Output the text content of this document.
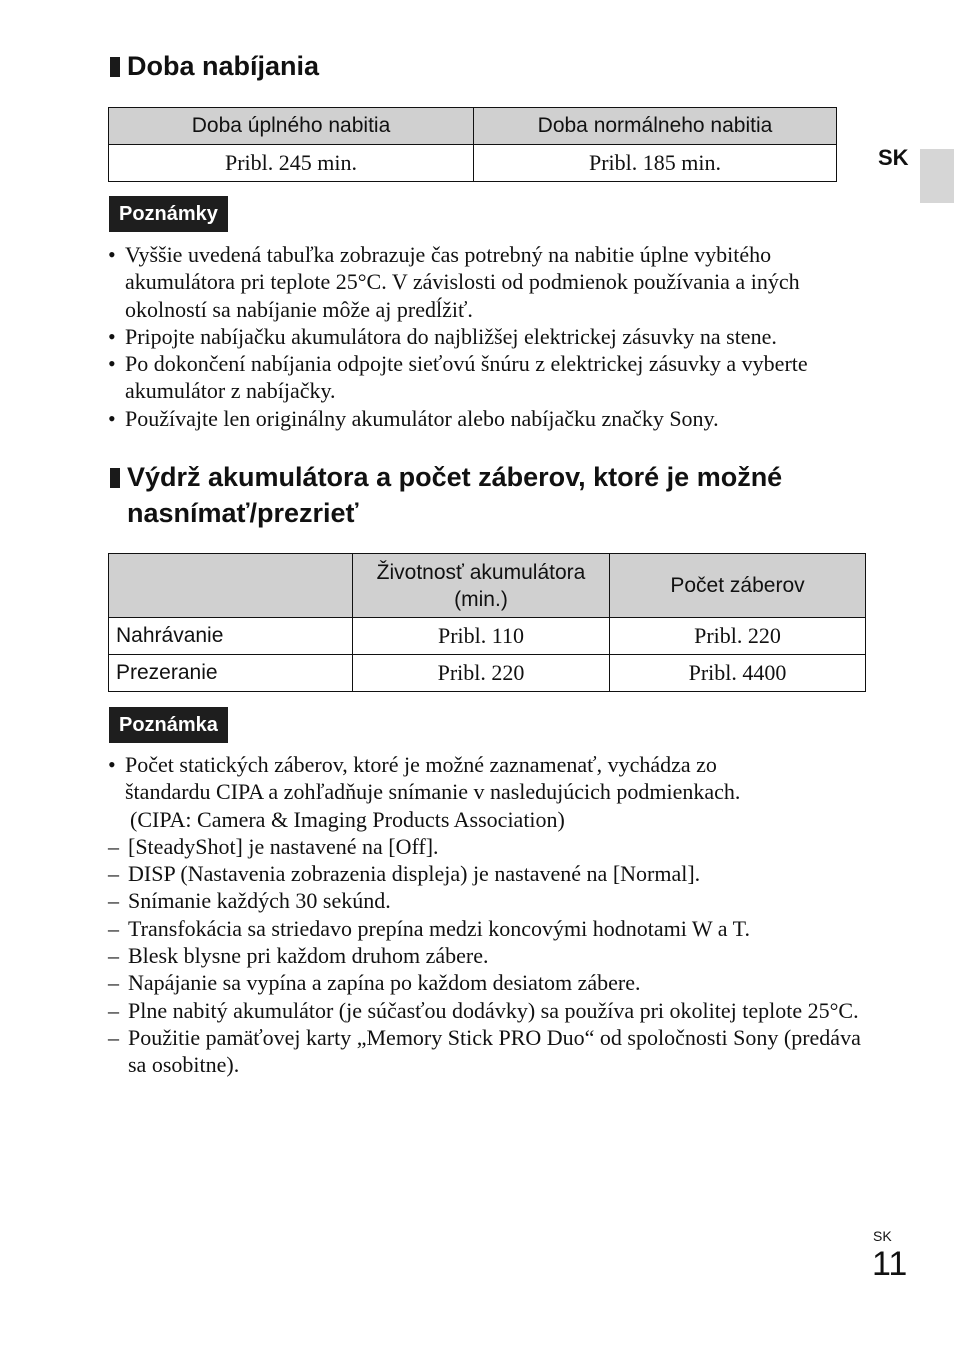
SK
Doba nabíjania
Doba úplného nabitia	Doba normálneho nabitia
Pribl. 245 min.	Pribl. 185 min.
Poznámky
• Vyššie uvedená tabuľka zobrazuje čas potrebný na nabitie úplne vybitého akumulátora pri teplote 25°C. V závislosti od podmienok používania a iných okolností sa nabíjanie môže aj predĺžiť.
• Pripojte nabíjačku akumulátora do najbližšej elektrickej zásuvky na stene.
• Po dokončení nabíjania odpojte sieťovú šnúru z elektrickej zásuvky a vyberte akumulátor z nabíjačky.
• Používajte len originálny akumulátor alebo nabíjačku značky Sony.
Výdrž akumulátora a počet záberov, ktoré je možné
nasnímať/prezrieť
	Životnosť akumulátora (min.)	Počet záberov
Nahrávanie	Pribl. 110	Pribl. 220
Prezeranie	Pribl. 220	Pribl. 4400
Poznámka
• Počet statických záberov, ktoré je možné zaznamenať, vychádza zo
štandardu CIPA a zohľadňuje snímanie v nasledujúcich podmienkach.
(CIPA: Camera & Imaging Products Association)
– [SteadyShot] je nastavené na [Off].
– DISP (Nastavenia zobrazenia displeja) je nastavené na [Normal].
– Snímanie každých 30 sekúnd.
– Transfokácia sa striedavo prepína medzi koncovými hodnotami W a T.
– Blesk blysne pri každom druhom zábere.
– Napájanie sa vypína a zapína po každom desiatom zábere.
– Plne nabitý akumulátor (je súčasťou dodávky) sa používa pri okolitej teplote 25°C.
– Použitie pamäťovej karty „Memory Stick PRO Duo“ od spoločnosti Sony (predáva sa osobitne).
SK
11
